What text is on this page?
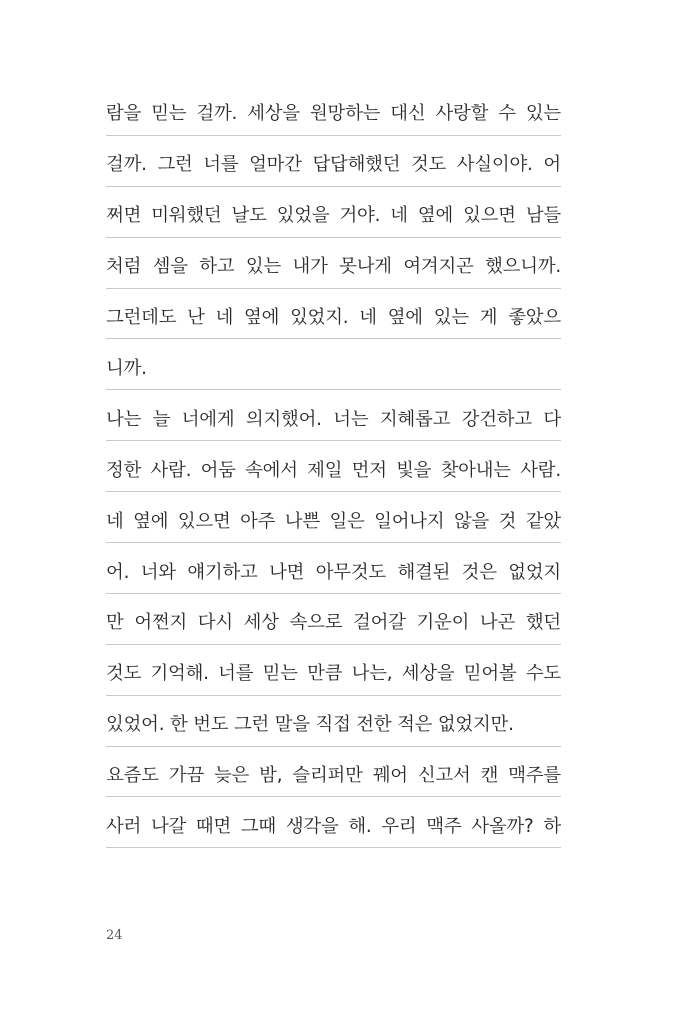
람을 믿는 걸까. 세상을 원망하는 대신 사랑할 수 있는
걸까. 그런 너를 얼마간 답답해했던 것도 사실이야. 어
쩌면 미워했던 날도 있었을 거야. 네 옆에 있으면 남들
처럼 셈을 하고 있는 내가 못나게 여겨지곤 했으니까.
그런데도 난 네 옆에 있었지. 네 옆에 있는 게 좋았으
니까.
나는 늘 너에게 의지했어. 너는 지혜롭고 강건하고 다
정한 사람. 어둠 속에서 제일 먼저 빛을 찾아내는 사람.
네 옆에 있으면 아주 나쁜 일은 일어나지 않을 것 같았
어. 너와 얘기하고 나면 아무것도 해결된 것은 없었지
만 어쩐지 다시 세상 속으로 걸어갈 기운이 나곤 했던
것도 기억해. 너를 믿는 만큼 나는, 세상을 믿어볼 수도
있었어. 한 번도 그런 말을 직접 전한 적은 없었지만.
요즘도 가끔 늦은 밤, 슬리퍼만 꿰어 신고서 캔 맥주를
사러 나갈 때면 그때 생각을 해. 우리 맥주 사올까? 하
24
